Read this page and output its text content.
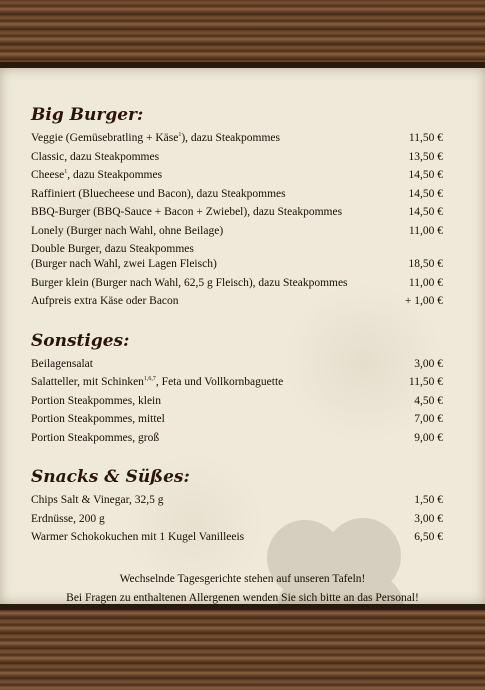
Big Burger:
Veggie (Gemüsebratling + Käse$^1$), dazu Steakpommes	11,50 €
Classic, dazu Steakpommes	13,50 €
Cheese$^1$, dazu Steakpommes	14,50 €
Raffiniert (Bluecheese und Bacon), dazu Steakpommes	14,50 €
BBQ-Burger (BBQ-Sauce + Bacon + Zwiebel), dazu Steakpommes	14,50 €
Lonely (Burger nach Wahl, ohne Beilage)	11,00 €
Double Burger, dazu Steakpommes
(Burger nach Wahl, zwei Lagen Fleisch)	18,50 €
Burger klein (Burger nach Wahl, 62,5 g Fleisch), dazu Steakpommes	11,00 €
Aufpreis extra Käse oder Bacon	+ 1,00 €
Sonstiges:
Beilagensalat	3,00 €
Salatteller, mit Schinken$^{1,6,7}$, Feta und Vollkornbaguette	11,50 €
Portion Steakpommes, klein	4,50 €
Portion Steakpommes, mittel	7,00 €
Portion Steakpommes, groß	9,00 €
Snacks & Süßes:
Chips Salt & Vinegar, 32,5 g	1,50 €
Erdnüsse, 200 g	3,00 €
Warmer Schokokuchen mit 1 Kugel Vanilleeis	6,50 €
Wechselnde Tagesgerichte stehen auf unseren Tafeln!
Bei Fragen zu enthaltenen Allergenen wenden Sie sich bitte an das Personal!
